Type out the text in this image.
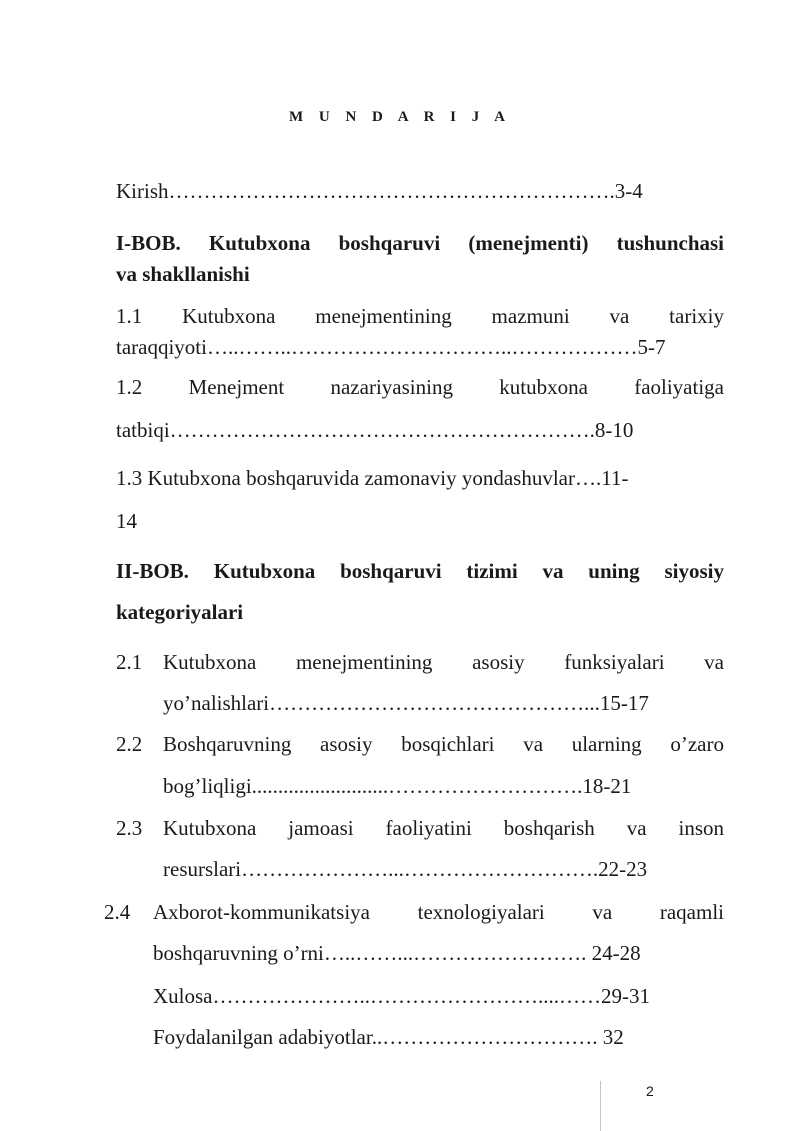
M U N D A R I J A
Kirish……………………………………………………….3-4
I-BOB. Kutubxona boshqaruvi (menejmenti) tushunchasi
va shakllanishi
1.1 Kutubxona menejmentining mazmuni va tarixiy
taraqqiyoti…..……..…………………………..………………5-7
1.2 Menejment nazariyasining kutubxona faoliyatiga
tatbiqi…………………………………………………….8-10
1.3 Kutubxona boshqaruvida zamonaviy yondashuvlar….11-
14
II-BOB. Kutubxona boshqaruvi tizimi va uning siyosiy
kategoriyalari
2.1 Kutubxona menejmentining asosiy funksiyalari va
yo’nalishlari………………………………………...15-17
2.2 Boshqaruvning asosiy bosqichlari va ularning o’zaro
bog’liqligi..........................……………………….18-21
2.3 Kutubxona jamoasi faoliyatini boshqarish va inson
resurslari…………………...……………………….22-23
2.4 Axborot-kommunikatsiya texnologiyalari va raqamli
boshqaruvning o’rni…..……...……………………. 24-28
Xulosa…………………..……………………....……29-31
Foydalanilgan adabiyotlar..…………………………. 32
2
